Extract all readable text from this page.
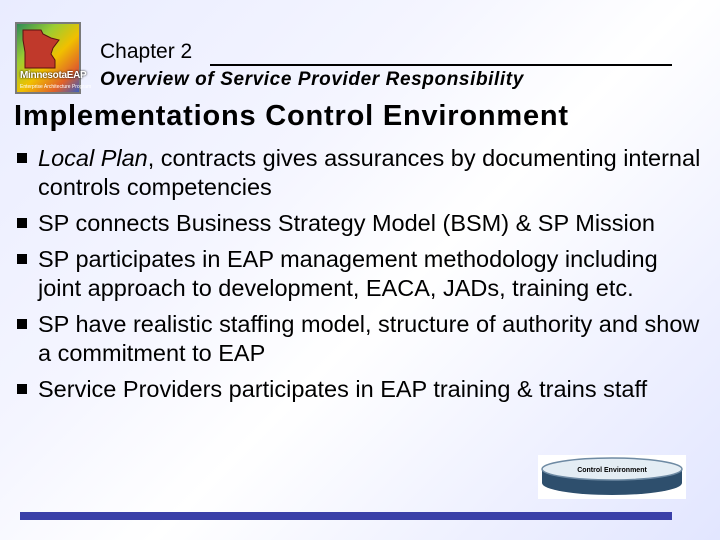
MinnesotaEAP
Enterprise Architecture Program
Chapter 2
Overview of Service Provider Responsibility
Implementations Control Environment
Local Plan, contracts gives assurances by documenting internal controls competencies
SP connects Business Strategy Model (BSM) & SP Mission
SP participates in EAP management methodology including joint approach to development, EACA, JADs, training etc.
SP have realistic staffing model, structure of authority and show a commitment to EAP
Service Providers participates in EAP training & trains staff
Control Environment
